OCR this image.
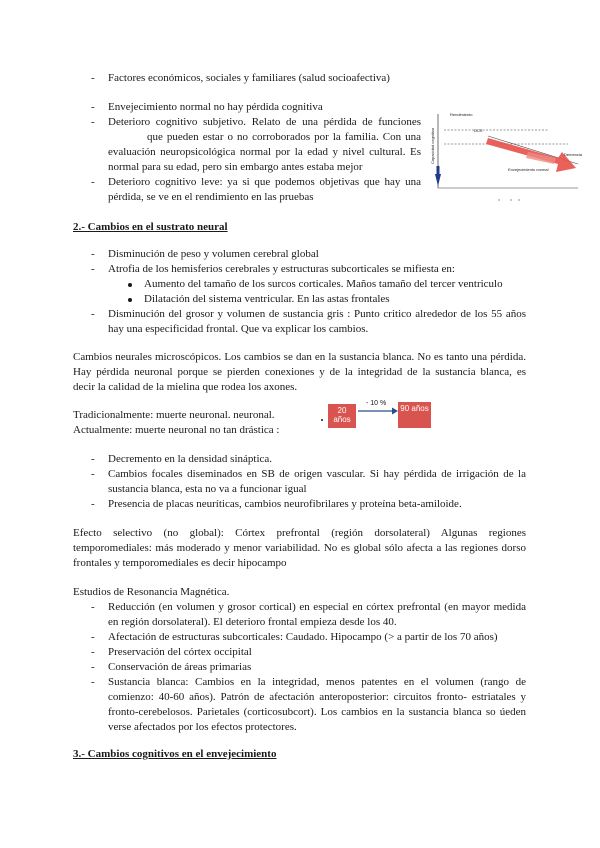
- Factores económicos, sociales y familiares (salud socioafectiva)
- Envejecimiento normal no hay pérdida cognitiva
- Deterioro cognitivo subjetivo. Relato de una pérdida de funciones
que pueden estar o no corroborados por la familia. Con una
evaluación neuropsicológica normal por la edad y nivel cultural. Es
normal para su edad, pero sin embargo antes estaba mejor
- Deterioro cognitivo leve: ya si que podemos objetivas que hay una
pérdida, se ve en el rendimiento en las pruebas
Rendimiento
Capacidad cognitiva	DCS
Envejecimiento normal
Demencia
2.- Cambios en el sustrato neural
- Disminución de peso y volumen cerebral global
- Atrofia de los hemisferios cerebrales y estructuras subcorticales se mifiesta en:
Aumento del tamaño de los surcos corticales. Maños tamaño del tercer ventriculo
Dilatación del sistema ventricular. En las astas frontales
- Disminución del grosor y volumen de sustancia gris : Punto critico alrededor de los 55 años
hay una especificidad frontal. Que va explicar los cambios.
Cambios neurales microscópicos. Los cambios se dan en la sustancia blanca. No es tanto una pérdida.
Hay pérdida neuronal porque se pierden conexiones y de la integridad de la sustancia blanca, es
decir la calidad de la mielina que rodea los axones.
Tradicionalmente: muerte neuronal. neuronal.
Actualmente: muerte neuronal no tan drástica :
20 años
90 años
- 10 %
- Decremento en la densidad sináptica.
- Cambios focales diseminados en SB de origen vascular. Si hay pérdida de irrigación de la
sustancia blanca, esta no va a funcionar igual
- Presencia de placas neuríticas, cambios neurofibrilares y proteína beta-amiloide.
Efecto selectivo (no global): Córtex prefrontal (región dorsolateral) Algunas regiones
temporomediales: más moderado y menor variabilidad. No es global sólo afecta a las regiones dorso
frontales y temporomediales es decir hipocampo
Estudios de Resonancia Magnética.
- Reducción (en volumen y grosor cortical) en especial en córtex prefrontal (en mayor medida
en región dorsolateral). El deterioro frontal empieza desde los 40.
- Afectación de estructuras subcorticales: Caudado. Hipocampo (> a partir de los 70 años)
- Preservación del córtex occipital
- Conservación de áreas primarias
- Sustancia blanca: Cambios en la integridad, menos patentes en el volumen (rango de
comienzo: 40-60 años). Patrón de afectación anteroposterior: circuitos fronto- estriatales y
fronto-cerebelosos. Parietales (corticosubcort). Los cambios en la sustancia blanca so úeden
verse afectados por los efectos protectores.
3.- Cambios cognitivos en el envejecimiento
